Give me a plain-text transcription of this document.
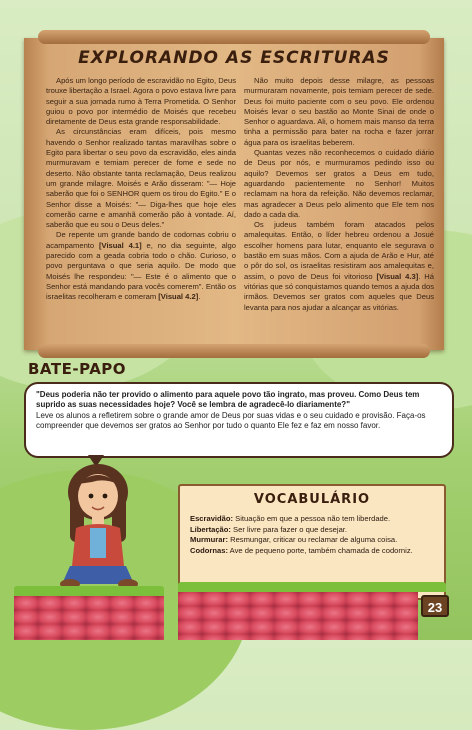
EXPLORANDO AS ESCRITURAS

Após um longo período de escravidão no Egito, Deus trouxe libertação a Israel. Agora o povo estava livre para seguir a sua jornada rumo à Terra Prometida. O Senhor guiou o povo por intermédio de Moisés que recebeu diretamente de Deus esta grande responsabilidade.

As circunstâncias eram difíceis, pois mesmo havendo o Senhor realizado tantas maravilhas sobre o Egito para libertar o seu povo da escravidão, eles ainda murmuravam e temiam perecer de fome e sede no deserto. Não obstante tanta reclamação, Deus realizou um grande milagre. Moisés e Arão disseram: "— Hoje saberão que foi o SENHOR quem os tirou do Egito." E o Senhor disse a Moisés: "— Diga-lhes que hoje eles comerão carne e amanhã comerão pão à vontade. Aí, saberão que eu sou o Deus deles."

De repente um grande bando de codornas cobriu o acampamento [Visual 4.1] e, no dia seguinte, algo parecido com a geada cobria todo o chão. Curioso, o povo perguntava o que seria aquilo. De modo que Moisés lhe respondeu: "— Este é o alimento que o Senhor está mandando para vocês comerem". Então os israelitas recolheram e comeram [Visual 4.2].

Não muito depois desse milagre, as pessoas murmuraram novamente, pois temiam perecer de sede. Deus foi muito paciente com o seu povo. Ele ordenou Moisés levar o seu bastão ao Monte Sinai de onde o Senhor o aguardava. Ali, o homem mais manso da terra tinha a permissão para bater na rocha e fazer jorrar água para os israelitas beberem.

Quantas vezes não reconhecemos o cuidado diário de Deus por nós, e murmuramos pedindo isso ou aquilo? Devemos ser gratos a Deus em tudo, aguardando pacientemente no Senhor! Muitos reclamam na hora da refeição. Não devemos reclamar, mas agradecer a Deus pelo alimento que Ele tem nos dado a cada dia.

Os judeus também foram atacados pelos amalequitas. Então, o líder hebreu ordenou a Josué escolher homens para lutar, enquanto ele segurava o bastão em suas mãos. Com a ajuda de Arão e Hur, até o pôr do sol, os israelitas resistiram aos amalequitas e, assim, o povo de Deus foi vitorioso [Visual 4.3]. Há vitórias que só conquistamos quando temos a ajuda dos irmãos. Devemos ser gratos com aqueles que Deus levanta para nos ajudar a alcançar as vitórias.

BATE-PAPO
"Deus poderia não ter provido o alimento para aquele povo tão ingrato, mas proveu. Como Deus tem suprido as suas necessidades hoje? Você se lembra de agradecê-lo diariamente?"
Leve os alunos a refletirem sobre o grande amor de Deus por suas vidas e o seu cuidado e provisão. Faça-os compreender que devemos ser gratos ao Senhor por tudo o quanto Ele fez e faz em nosso favor.
VOCABULÁRIO
Escravidão: Situação em que a pessoa não tem liberdade.
Libertação: Ser livre para fazer o que desejar.
Murmurar: Resmungar, criticar ou reclamar de alguma coisa.
Codornas: Ave de pequeno porte, também chamada de codorniz.
23
